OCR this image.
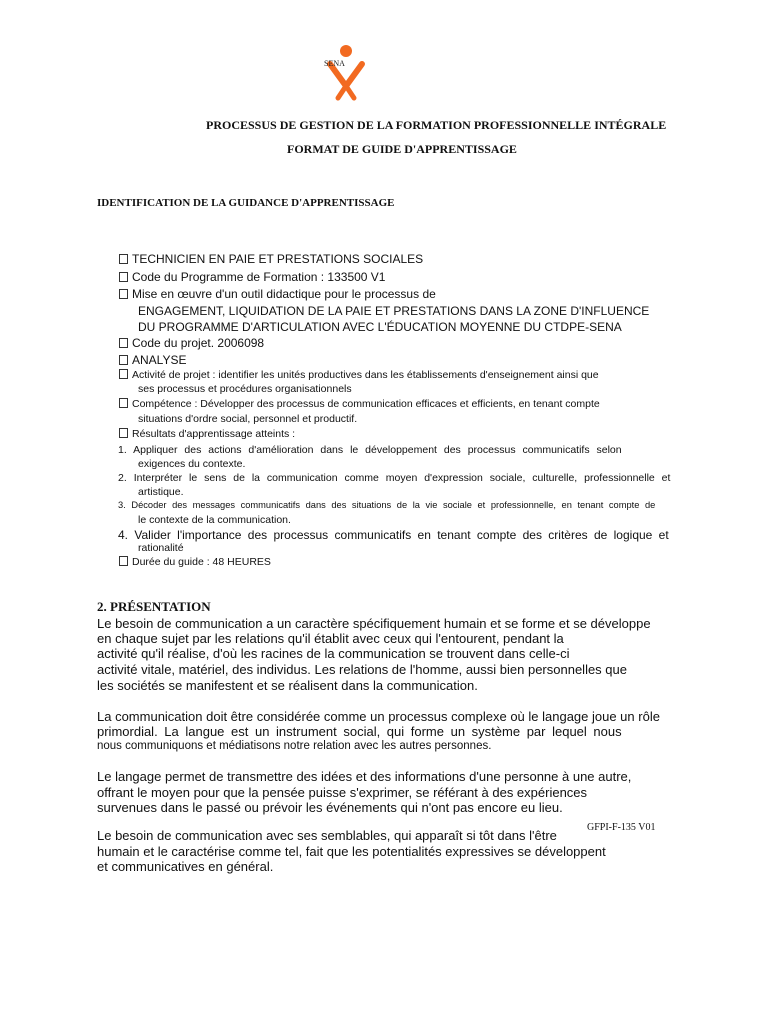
SENA
PROCESSUS DE GESTION DE LA FORMATION PROFESSIONNELLE INTÉGRALE
FORMAT DE GUIDE D'APPRENTISSAGE
IDENTIFICATION DE LA GUIDANCE D'APPRENTISSAGE
TECHNICIEN EN PAIE ET PRESTATIONS SOCIALES
Code du Programme de Formation : 133500 V1
Mise en œuvre d'un outil didactique pour le processus de
ENGAGEMENT, LIQUIDATION DE LA PAIE ET PRESTATIONS DANS LA ZONE D'INFLUENCE
DU PROGRAMME D'ARTICULATION AVEC L'ÉDUCATION MOYENNE DU CTDPE-SENA
Code du projet. 2006098
ANALYSE
Activité de projet : identifier les unités productives dans les établissements d'enseignement ainsi que
ses processus et procédures organisationnels
Compétence : Développer des processus de communication efficaces et efficients, en tenant compte
situations d'ordre social, personnel et productif.
Résultats d'apprentissage atteints :
1. Appliquer des actions d'amélioration dans le développement des processus communicatifs selon
exigences du contexte.
2. Interpréter le sens de la communication comme moyen d'expression sociale, culturelle, professionnelle et
artistique.
3. Décoder des messages communicatifs dans des situations de la vie sociale et professionnelle, en tenant compte de
le contexte de la communication.
4. Valider l'importance des processus communicatifs en tenant compte des critères de logique et
rationalité
Durée du guide : 48 HEURES
2. PRÉSENTATION
Le besoin de communication a un caractère spécifiquement humain et se forme et se développe
en chaque sujet par les relations qu'il établit avec ceux qui l'entourent, pendant la
activité qu'il réalise, d'où les racines de la communication se trouvent dans celle-ci
activité vitale, matériel, des individus. Les relations de l'homme, aussi bien personnelles que
les sociétés se manifestent et se réalisent dans la communication.
La communication doit être considérée comme un processus complexe où le langage joue un rôle
primordial. La langue est un instrument social, qui forme un système par lequel nous
nous communiquons et médiatisons notre relation avec les autres personnes.
Le langage permet de transmettre des idées et des informations d'une personne à une autre,
offrant le moyen pour que la pensée puisse s'exprimer, se référant à des expériences
survenues dans le passé ou prévoir les événements qui n'ont pas encore eu lieu.
GFPI-F-135 V01
Le besoin de communication avec ses semblables, qui apparaît si tôt dans l'être
humain et le caractérise comme tel, fait que les potentialités expressives se développent
et communicatives en général.
